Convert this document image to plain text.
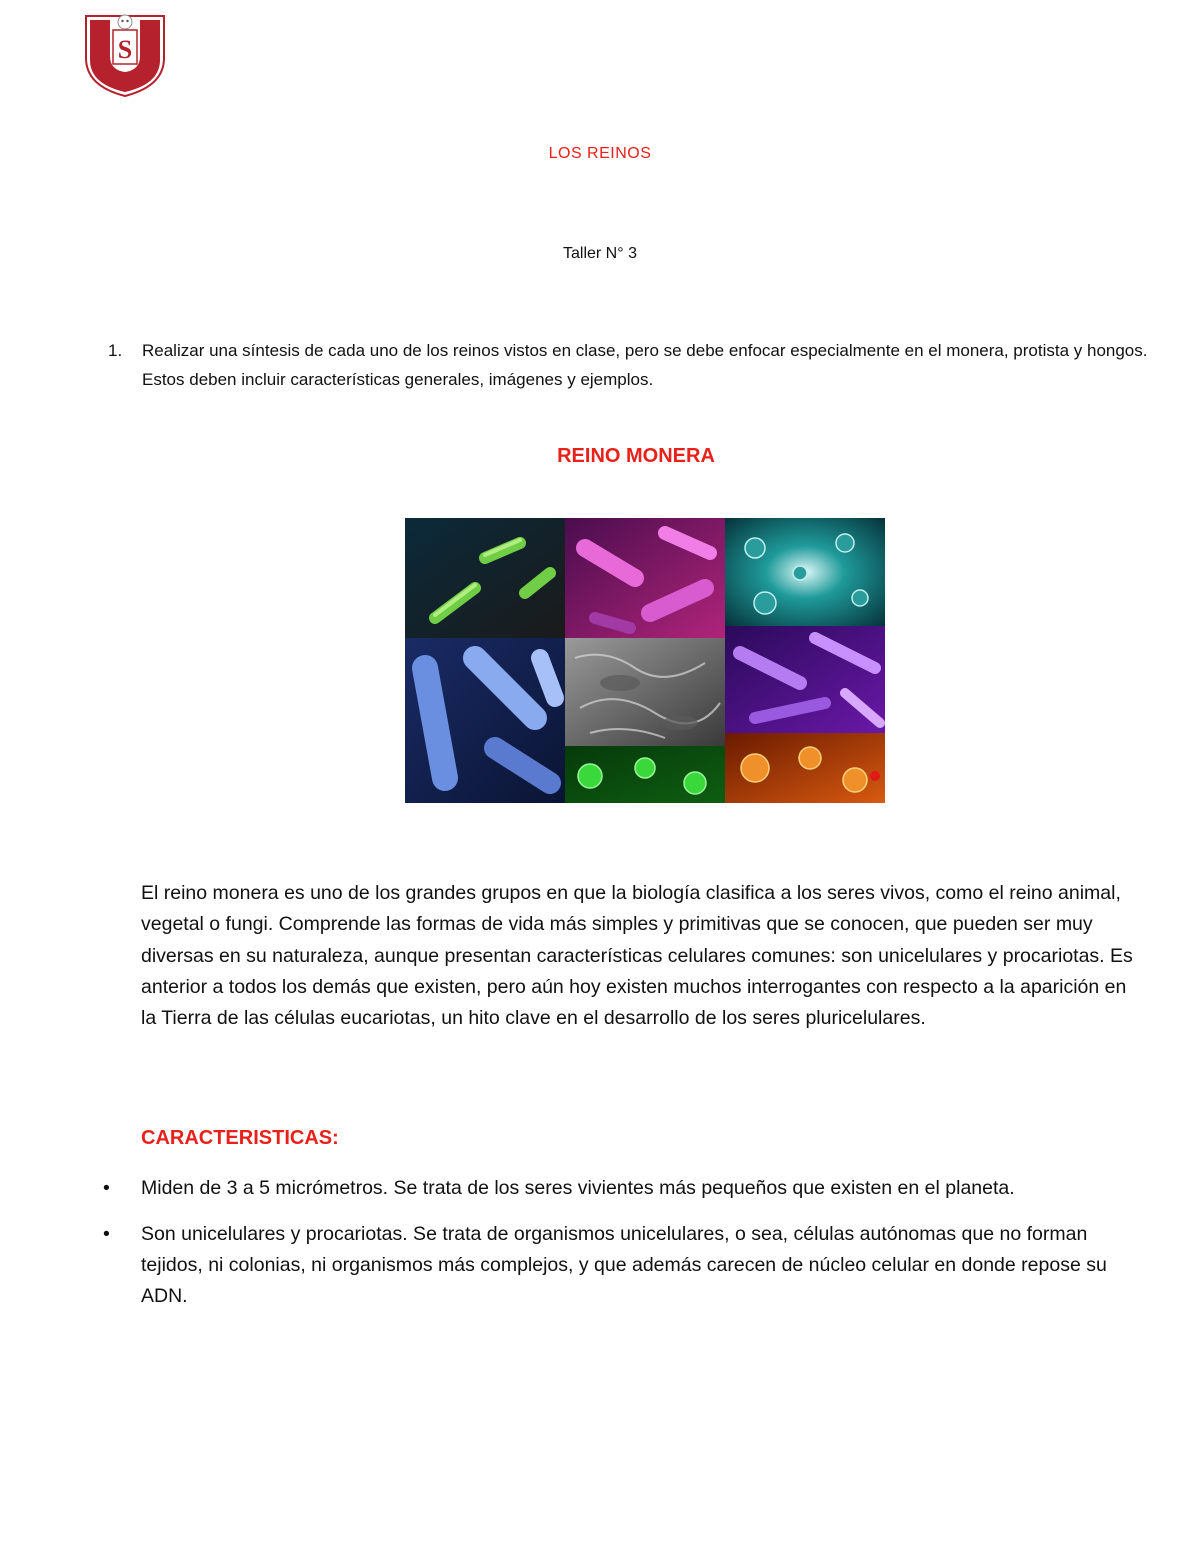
S
LOS REINOS
Taller N° 3
1. Realizar una síntesis de cada uno de los reinos vistos en clase, pero se debe enfocar especialmente en el monera, protista y hongos. Estos deben incluir características generales, imágenes y ejemplos.
REINO MONERA
El reino monera es uno de los grandes grupos en que la biología clasifica a los seres vivos, como el reino animal, vegetal o fungi. Comprende las formas de vida más simples y primitivas que se conocen, que pueden ser muy diversas en su naturaleza, aunque presentan características celulares comunes: son unicelulares y procariotas. Es anterior a todos los demás que existen, pero aún hoy existen muchos interrogantes con respecto a la aparición en la Tierra de las células eucariotas, un hito clave en el desarrollo de los seres pluricelulares.
CARACTERISTICAS:
• Miden de 3 a 5 micrómetros. Se trata de los seres vivientes más pequeños que existen en el planeta.
• Son unicelulares y procariotas. Se trata de organismos unicelulares, o sea, células autónomas que no forman tejidos, ni colonias, ni organismos más complejos, y que además carecen de núcleo celular en donde repose su ADN.
